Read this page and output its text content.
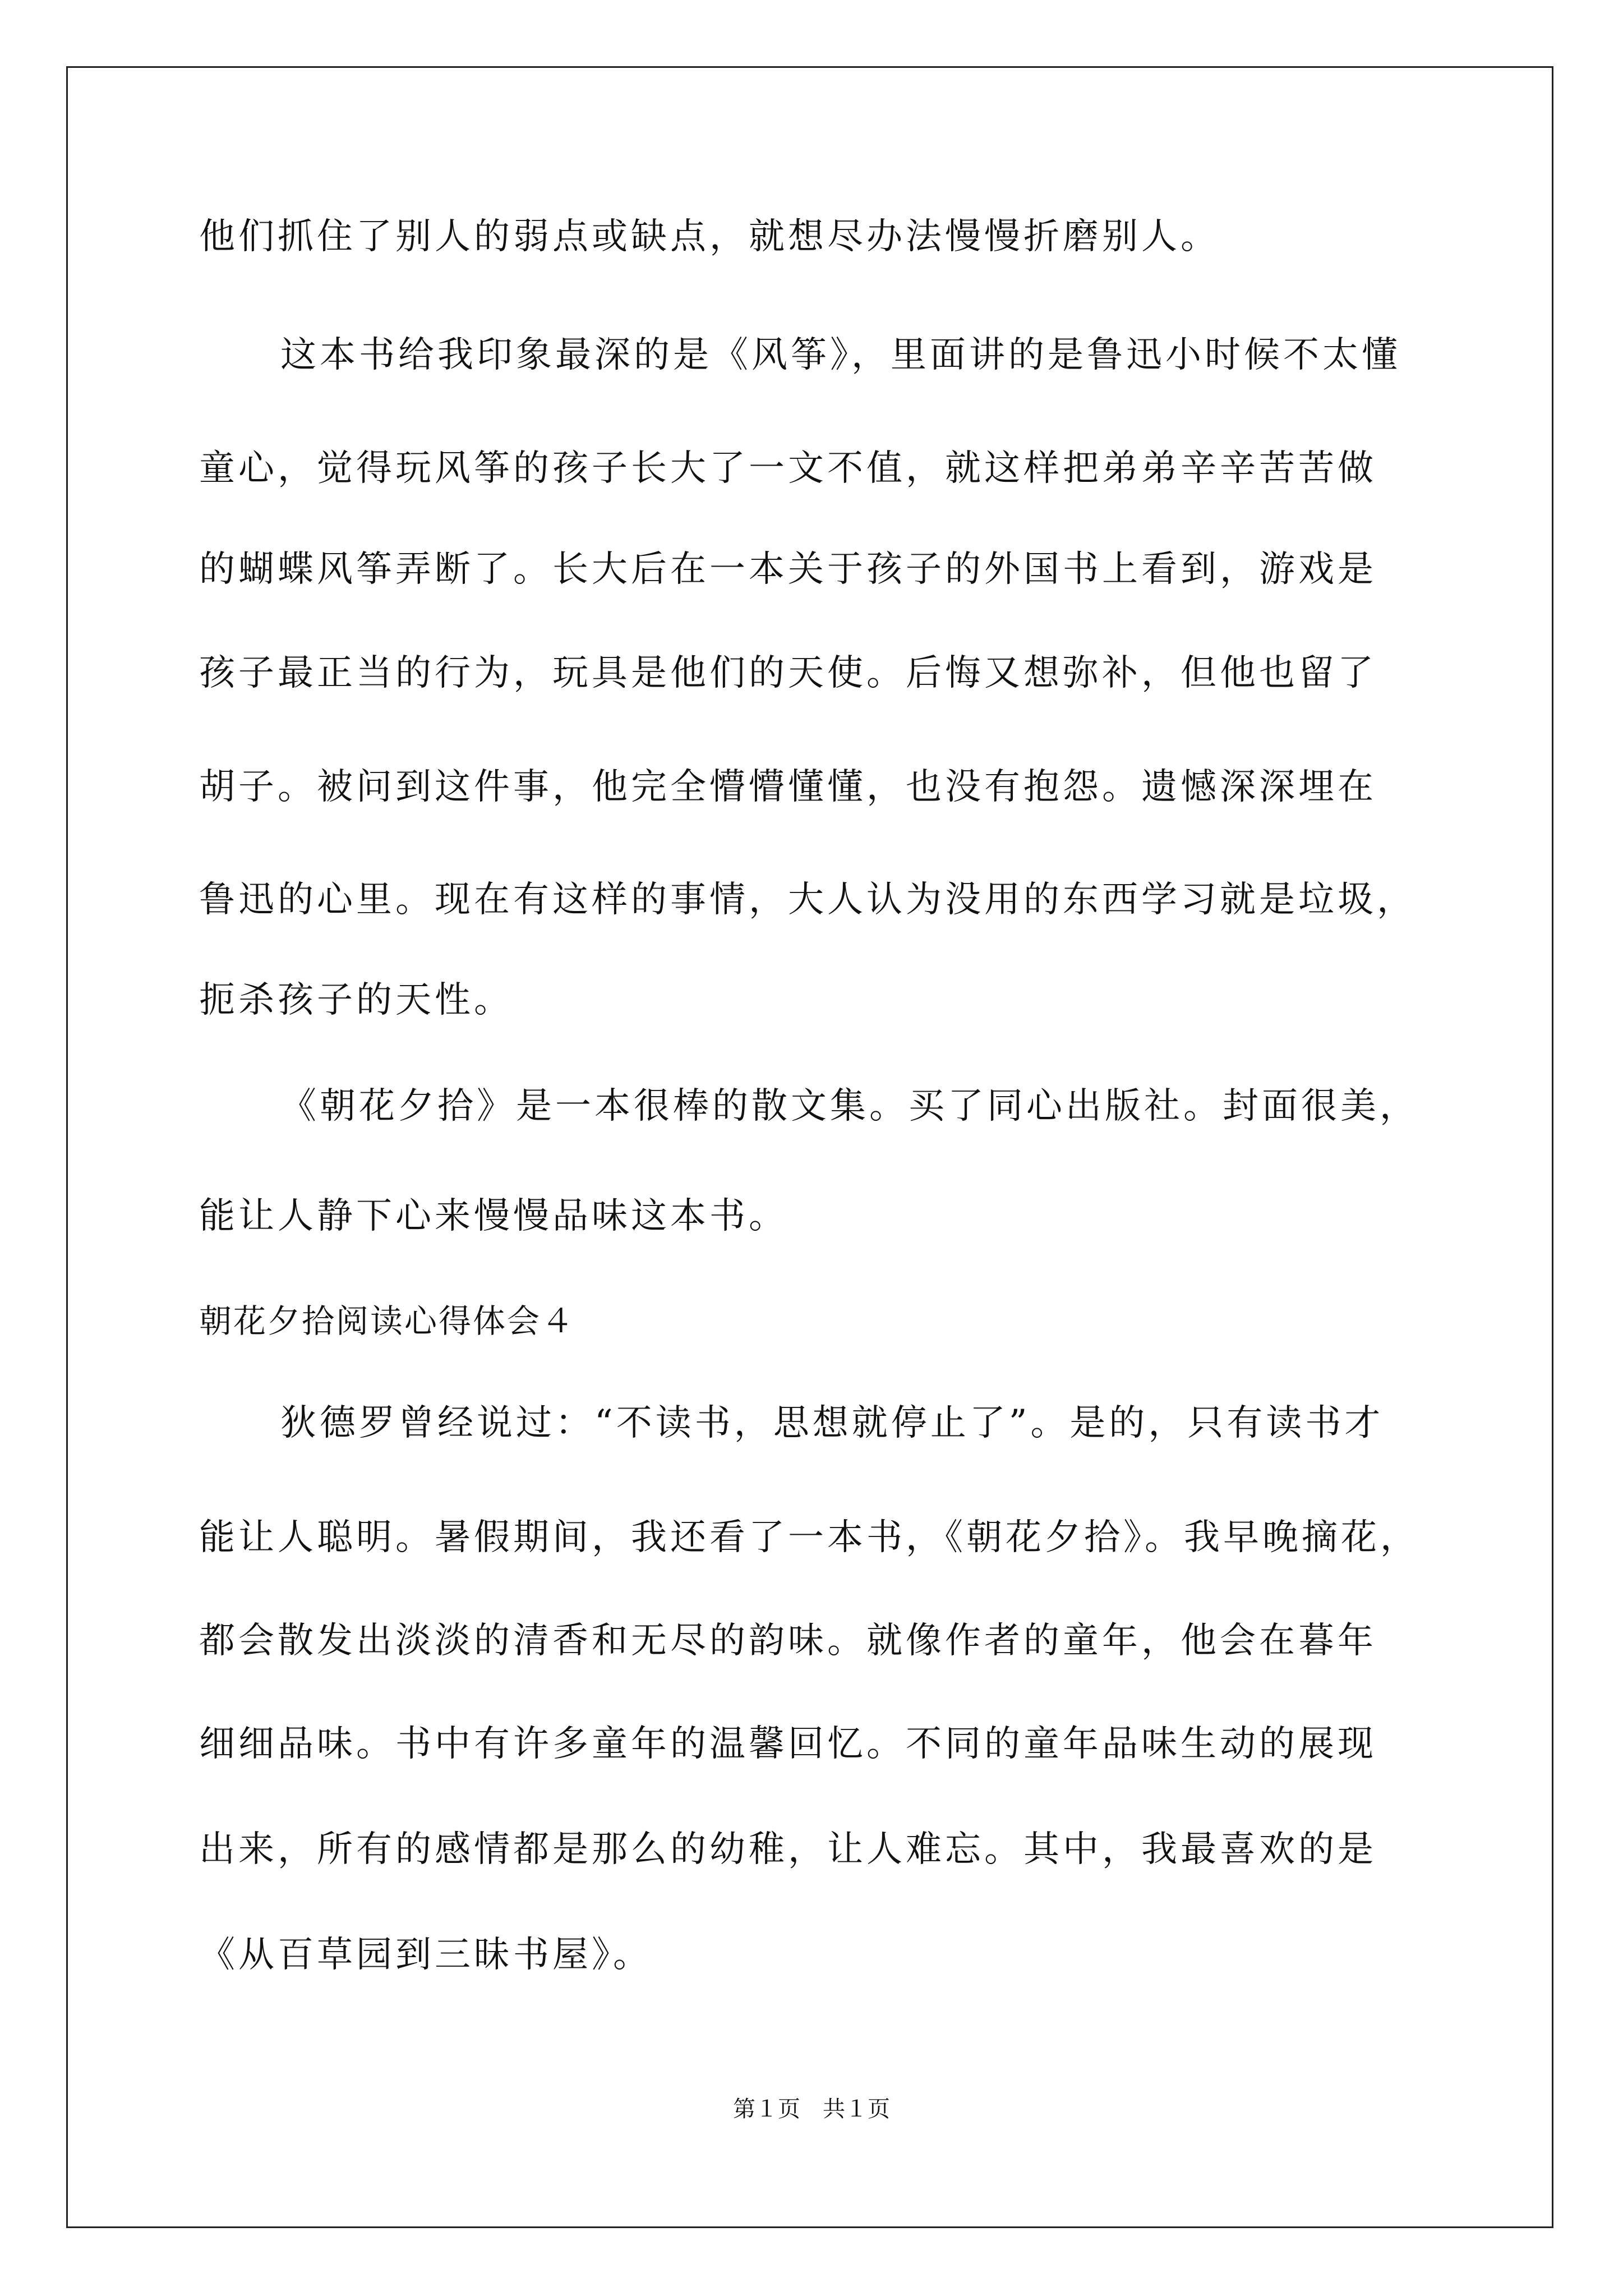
他们抓住了别人的弱点或缺点，就想尽办法慢慢折磨别人。
这本书给我印象最深的是《风筝》，里面讲的是鲁迅小时候不太懂
童心，觉得玩风筝的孩子长大了一文不值，就这样把弟弟辛辛苦苦做
的蝴蝶风筝弄断了。长大后在一本关于孩子的外国书上看到，游戏是
孩子最正当的行为，玩具是他们的天使。后悔又想弥补，但他也留了
胡子。被问到这件事，他完全懵懵懂懂，也没有抱怨。遗憾深深埋在
鲁迅的心里。现在有这样的事情，大人认为没用的东西学习就是垃圾，
扼杀孩子的天性。
《朝花夕拾》是一本很棒的散文集。买了同心出版社。封面很美，
能让人静下心来慢慢品味这本书。
朝花夕拾阅读心得体会４
狄德罗曾经说过：“不读书，思想就停止了”。是的，只有读书才
能让人聪明。暑假期间，我还看了一本书，《朝花夕拾》。我早晚摘花，
都会散发出淡淡的清香和无尽的韵味。就像作者的童年，他会在暮年
细细品味。书中有许多童年的温馨回忆。不同的童年品味生动的展现
出来，所有的感情都是那么的幼稚，让人难忘。其中，我最喜欢的是
《从百草园到三昧书屋》。
第１页　共１页
